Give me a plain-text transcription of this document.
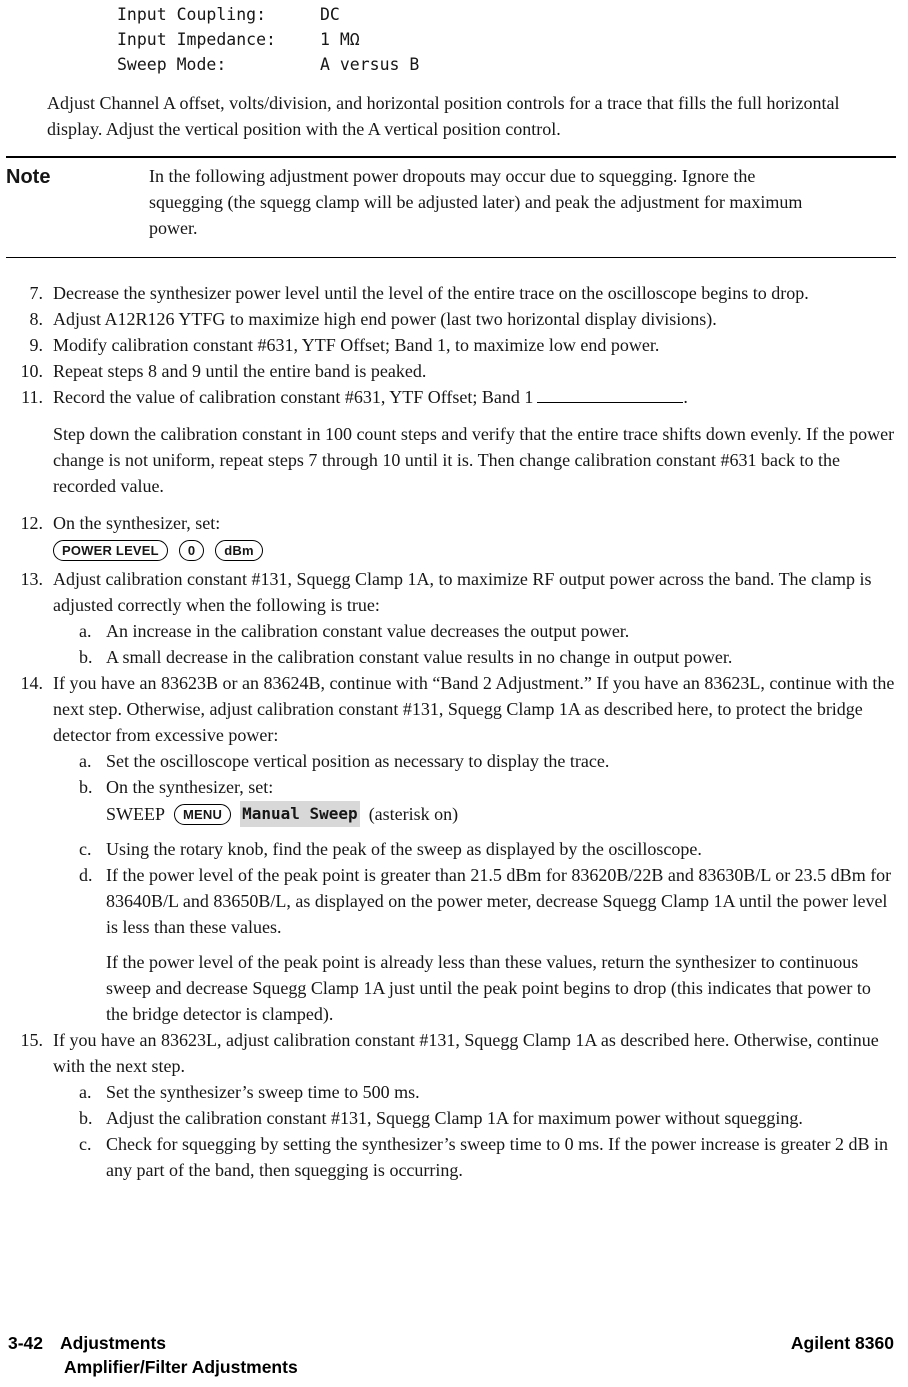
Input Coupling:	DC
Input Impedance:	1 MΩ
Sweep Mode:	A versus B

Adjust Channel A offset, volts/division, and horizontal position controls for a trace that fills the full horizontal display. Adjust the vertical position with the A vertical position control.

Note	In the following adjustment power dropouts may occur due to squegging. Ignore the squegging (the squegg clamp will be adjusted later) and peak the adjustment for maximum power.
7. Decrease the synthesizer power level until the level of the entire trace on the oscilloscope begins to drop.
8. Adjust A12R126 YTFG to maximize high end power (last two horizontal display divisions).
9. Modify calibration constant #631, YTF Offset; Band 1, to maximize low end power.
10. Repeat steps 8 and 9 until the entire band is peaked.
11. Record the value of calibration constant #631, YTF Offset; Band 1	.
Step down the calibration constant in 100 count steps and verify that the entire trace shifts down evenly. If the power change is not uniform, repeat steps 7 through 10 until it is. Then change calibration constant #631 back to the recorded value.
12. On the synthesizer, set:
POWER LEVEL	0	dBm
13. Adjust calibration constant #131, Squegg Clamp 1A, to maximize RF output power across the band. The clamp is adjusted correctly when the following is true:
a. An increase in the calibration constant value decreases the output power.
b. A small decrease in the calibration constant value results in no change in output power.
14. If you have an 83623B or an 83624B, continue with “Band 2 Adjustment.” If you have an 83623L, continue with the next step. Otherwise, adjust calibration constant #131, Squegg Clamp 1A as described here, to protect the bridge detector from excessive power:
a. Set the oscilloscope vertical position as necessary to display the trace.
b. On the synthesizer, set:
SWEEP	MENU	Manual Sweep (asterisk on)
c. Using the rotary knob, find the peak of the sweep as displayed by the oscilloscope.
d. If the power level of the peak point is greater than 21.5 dBm for 83620B/22B and 83630B/L or 23.5 dBm for 83640B/L and 83650B/L, as displayed on the power meter, decrease Squegg Clamp 1A until the power level is less than these values.
If the power level of the peak point is already less than these values, return the synthesizer to continuous sweep and decrease Squegg Clamp 1A just until the peak point begins to drop (this indicates that power to the bridge detector is clamped).
15. If you have an 83623L, adjust calibration constant #131, Squegg Clamp 1A as described here. Otherwise, continue with the next step.
a. Set the synthesizer’s sweep time to 500 ms.
b. Adjust the calibration constant #131, Squegg Clamp 1A for maximum power without squegging.
c. Check for squegging by setting the synthesizer’s sweep time to 0 ms. If the power increase is greater 2 dB in any part of the band, then squegging is occurring.
3-42 Adjustments	Agilent 8360
Amplifier/Filter Adjustments
